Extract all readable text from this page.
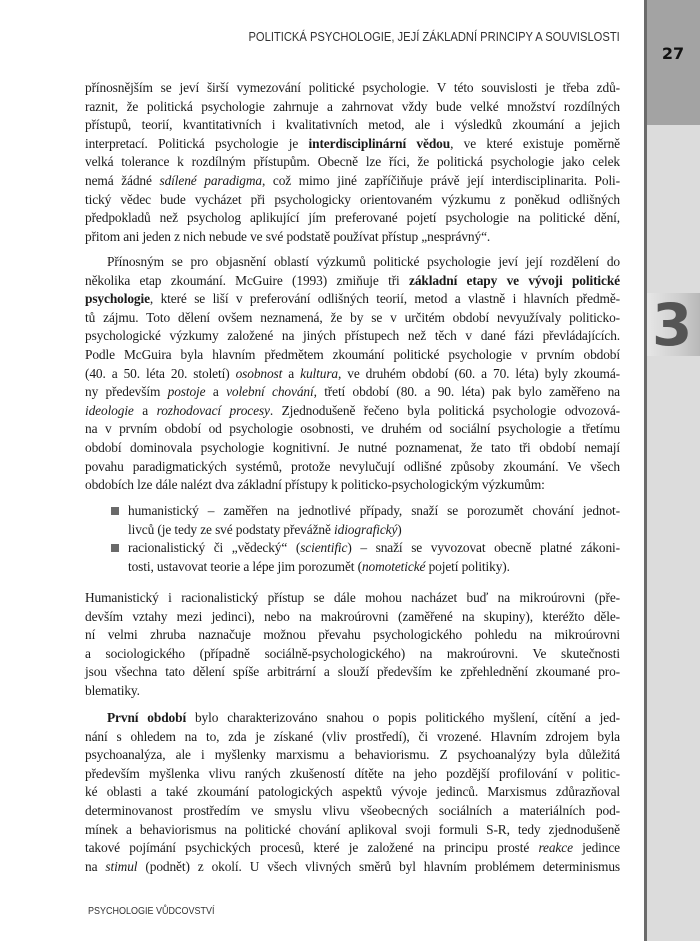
27
3
POLITICKÁ PSYCHOLOGIE, JEJÍ ZÁKLADNÍ PRINCIPY A SOUVISLOSTI
přínosnějším se jeví širší vymezování politické psychologie. V této souvislosti je třeba zdů-
raznit, že politická psychologie zahrnuje a zahrnovat vždy bude velké množství rozdílných
přístupů, teorií, kvantitativních i kvalitativních metod, ale i výsledků zkoumání a jejich
interpretací. Politická psychologie je interdisciplinární vědou, ve které existuje poměrně
velká tolerance k rozdílným přístupům. Obecně lze říci, že politická psychologie jako celek
nemá žádné sdílené paradigma, což mimo jiné zapříčiňuje právě její interdisciplinarita. Poli-
tický vědec bude vycházet při psychologicky orientovaném výzkumu z poněkud odlišných
předpokladů než psycholog aplikující jím preferované pojetí psychologie na politické dění,
přitom ani jeden z nich nebude ve své podstatě používat přístup „nesprávný“.
Přínosným se pro objasnění oblastí výzkumů politické psychologie jeví její rozdělení do
několika etap zkoumání. McGuire (1993) zmiňuje tři základní etapy ve vývoji politické
psychologie, které se liší v preferování odlišných teorií, metod a vlastně i hlavních předmě-
tů zájmu. Toto dělení ovšem neznamená, že by se v určitém období nevyužívaly politicko-
psychologické výzkumy založené na jiných přístupech než těch v dané fázi převládajících.
Podle McGuira byla hlavním předmětem zkoumání politické psychologie v prvním období
(40. a 50. léta 20. století) osobnost a kultura, ve druhém období (60. a 70. léta) byly zkoumá-
ny především postoje a volební chování, třetí období (80. a 90. léta) pak bylo zaměřeno na
ideologie a rozhodovací procesy. Zjednodušeně řečeno byla politická psychologie odvozová-
na v prvním období od psychologie osobnosti, ve druhém od sociální psychologie a třetímu
období dominovala psychologie kognitivní. Je nutné poznamenat, že tato tři období nemají
povahu paradigmatických systémů, protože nevylučují odlišné způsoby zkoumání. Ve všech
obdobích lze dále nalézt dva základní přístupy k politicko-psychologickým výzkumům:
humanistický – zaměřen na jednotlivé případy, snaží se porozumět chování jednot-
livců (je tedy ze své podstaty převážně idiografický)
racionalistický či „vědecký“ (scientific) – snaží se vyvozovat obecně platné zákoni-
tosti, ustavovat teorie a lépe jim porozumět (nomotetické pojetí politiky).
Humanistický i racionalistický přístup se dále mohou nacházet buď na mikroúrovni (pře-
devším vztahy mezi jedinci), nebo na makroúrovni (zaměřené na skupiny), kteréžto děle-
ní velmi zhruba naznačuje možnou převahu psychologického pohledu na mikroúrovni
a sociologického (případně sociálně-psychologického) na makroúrovni. Ve skutečnosti
jsou všechna tato dělení spíše arbitrární a slouží především ke zpřehlednění zkoumané pro-
blematiky.
První období bylo charakterizováno snahou o popis politického myšlení, cítění a jed-
nání s ohledem na to, zda je získané (vliv prostředí), či vrozené. Hlavním zdrojem byla
psychoanalýza, ale i myšlenky marxismu a behaviorismu. Z psychoanalýzy byla důležitá
především myšlenka vlivu raných zkušeností dítěte na jeho pozdější profilování v politic-
ké oblasti a také zkoumání patologických aspektů vývoje jedinců. Marxismus zdůrazňoval
determinovanost prostředím ve smyslu vlivu všeobecných sociálních a materiálních pod-
mínek a behaviorismus na politické chování aplikoval svoji formuli S-R, tedy zjednodušeně
takové pojímání psychických procesů, které je založené na principu prosté reakce jedince
na stimul (podnět) z okolí. U všech vlivných směrů byl hlavním problémem determinismus
PSYCHOLOGIE VŮDCOVSTVÍ
